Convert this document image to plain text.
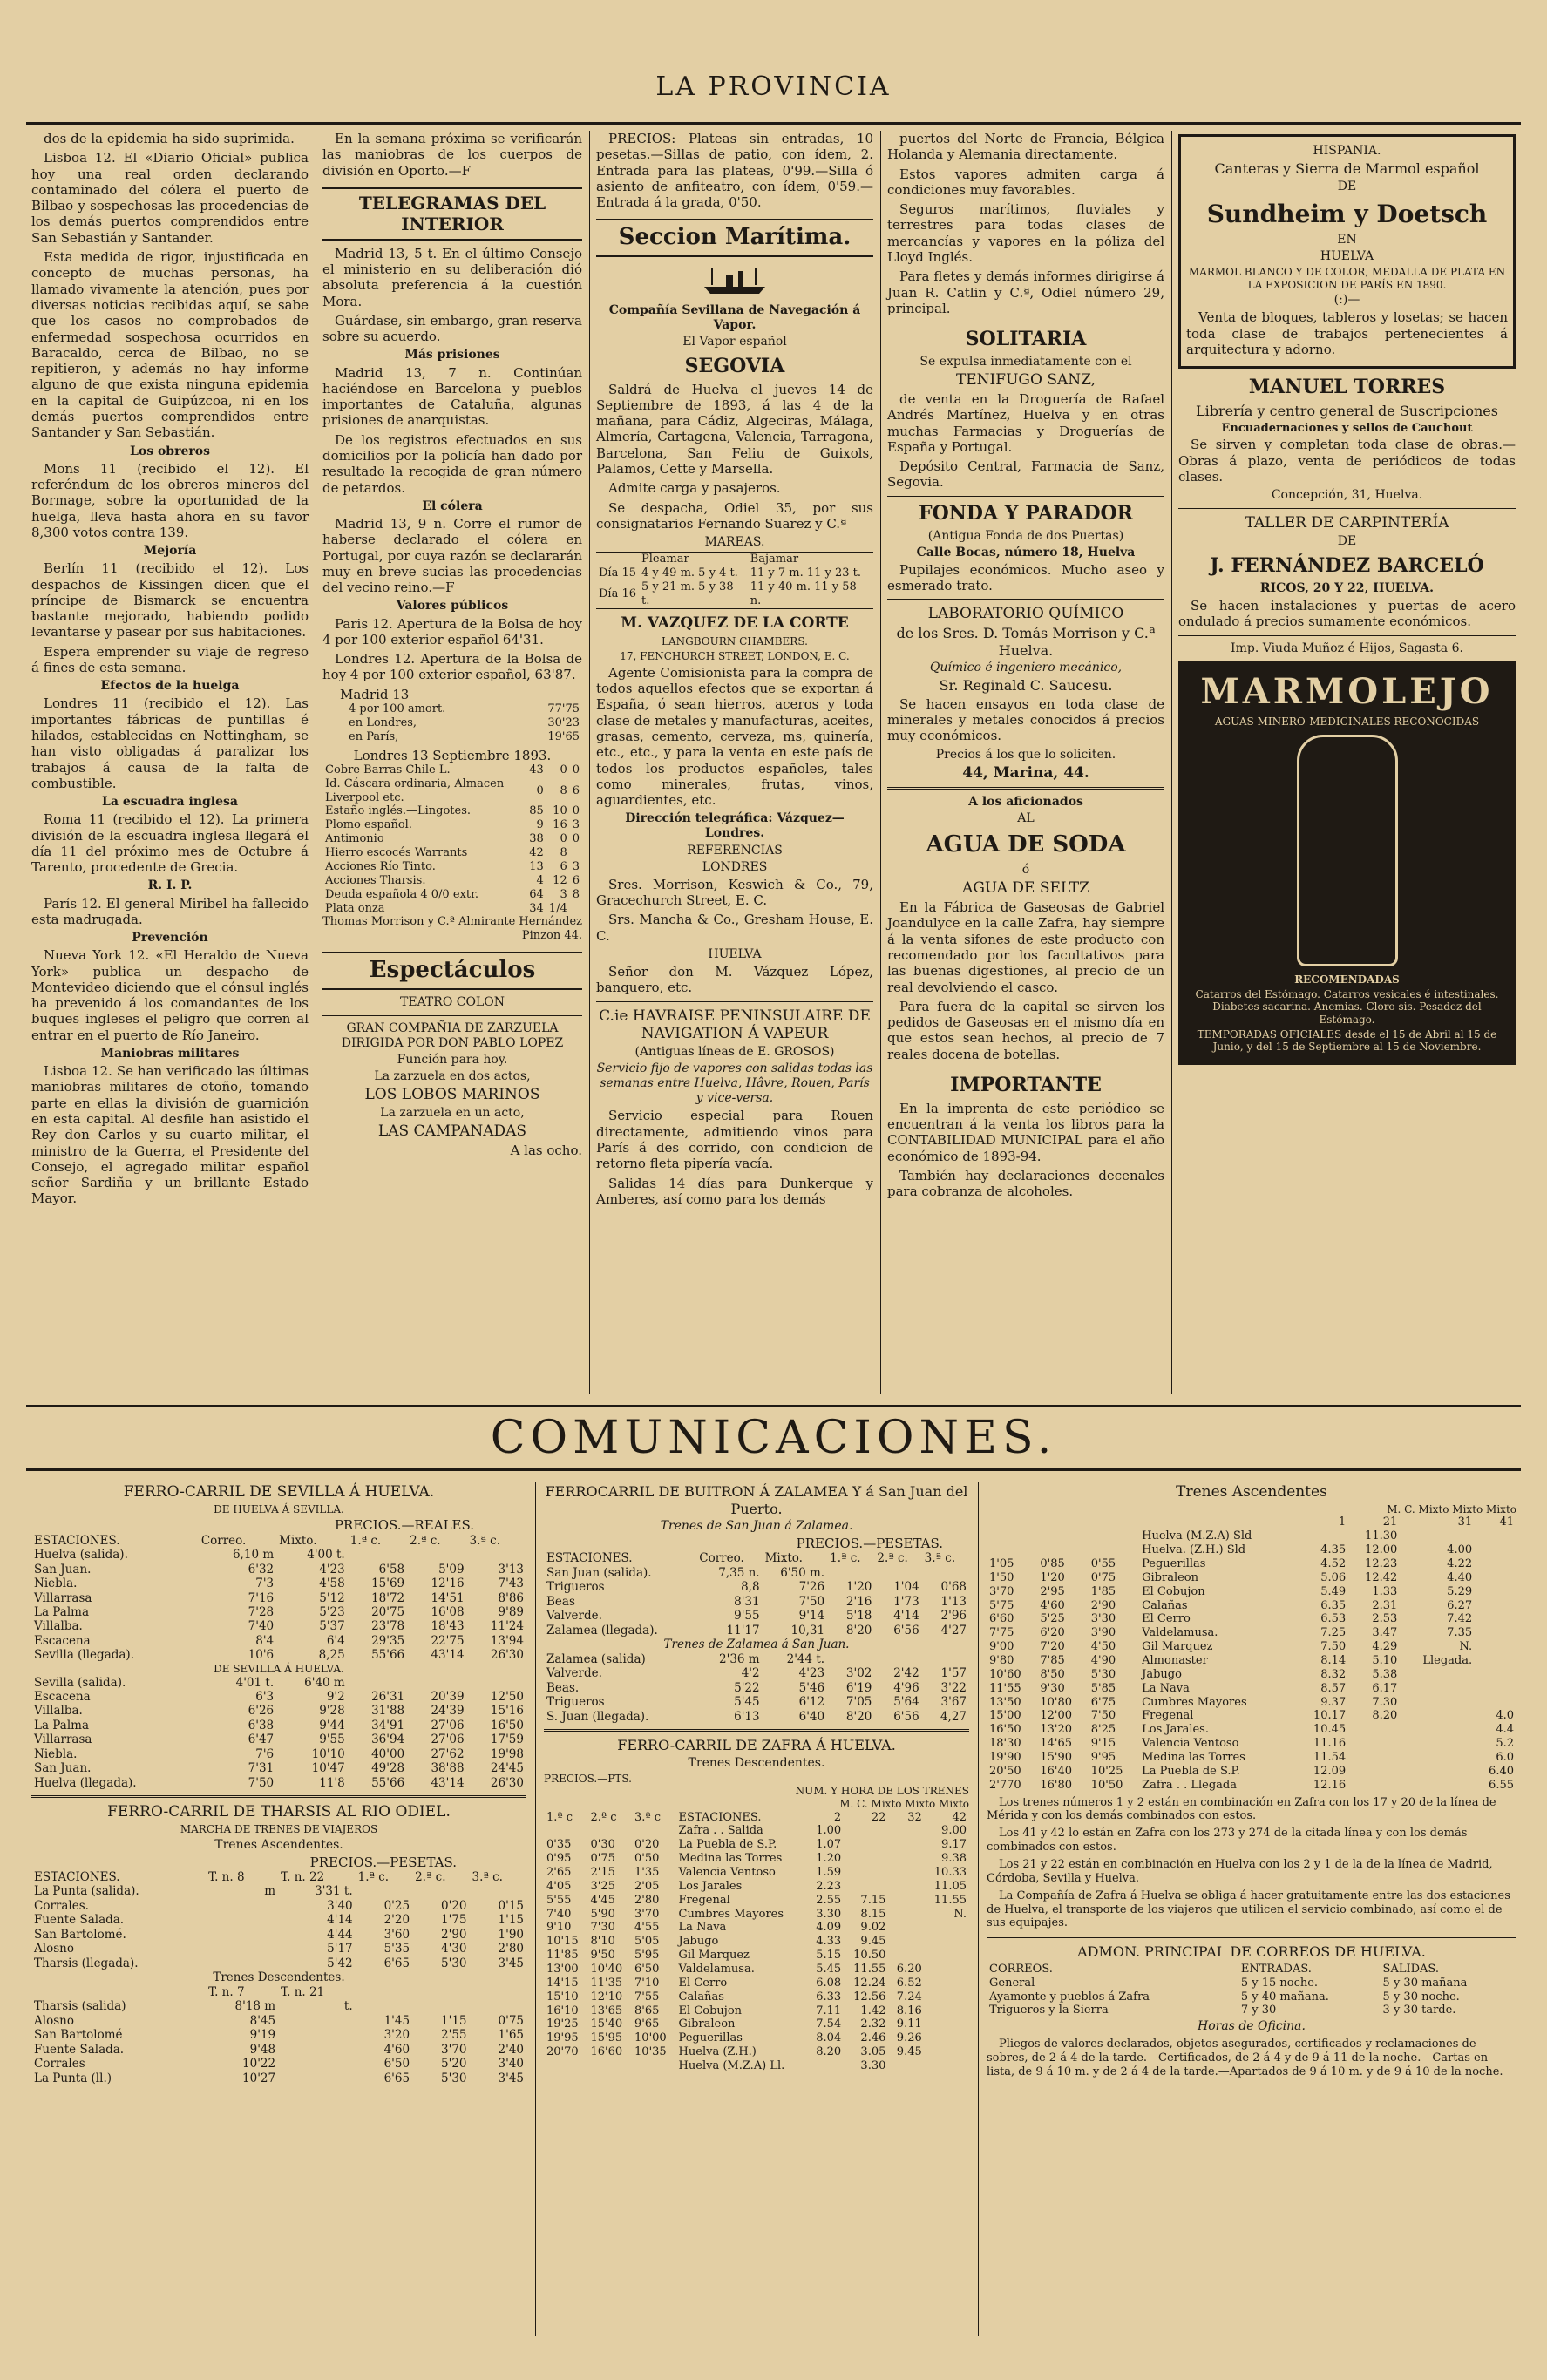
LA PROVINCIA

dos de la epidemia ha sido suprimida.

Lisboa 12. El «Diario Oficial» publica hoy una real orden declarando contaminado del cólera el puerto de Bilbao y sospechosas las procedencias de los demás puertos comprendidos entre San Sebastián y Santander.

Esta medida de rigor, injustificada en concepto de muchas personas, ha llamado vivamente la atención, pues por diversas noticias recibidas aquí, se sabe que los casos no comprobados de enfermedad sospechosa ocurridos en Baracaldo, cerca de Bilbao, no se repitieron, y además no hay informe alguno de que exista ninguna epidemia en la capital de Guipúzcoa, ni en los demás puertos comprendidos entre Santander y San Sebastián.

Los obreros

Mons 11 (recibido el 12). El referéndum de los obreros mineros del Bormage, sobre la oportunidad de la huelga, lleva hasta ahora en su favor 8,300 votos contra 139.

Mejoría

Berlín 11 (recibido el 12). Los despachos de Kissingen dicen que el príncipe de Bismarck se encuentra bastante mejorado, habiendo podido levantarse y pasear por sus habitaciones.

Espera emprender su viaje de regreso á fines de esta semana.

Efectos de la huelga

Londres 11 (recibido el 12). Las importantes fábricas de puntillas é hilados, establecidas en Nottingham, se han visto obligadas á paralizar los trabajos á causa de la falta de combustible.

La escuadra inglesa

Roma 11 (recibido el 12). La primera división de la escuadra inglesa llegará el día 11 del próximo mes de Octubre á Tarento, procedente de Grecia.

R. I. P.

París 12. El general Miribel ha fallecido esta madrugada.

Prevención

Nueva York 12. «El Heraldo de Nueva York» publica un despacho de Montevideo diciendo que el cónsul inglés ha prevenido á los comandantes de los buques ingleses el peligro que corren al entrar en el puerto de Río Janeiro.

Maniobras militares

Lisboa 12. Se han verificado las últimas maniobras militares de otoño, tomando parte en ellas la división de guarnición en esta capital. Al desfile han asistido el Rey don Carlos y su cuarto militar, el ministro de la Guerra, el Presidente del Consejo, el agregado militar español señor Sardiña y un brillante Estado Mayor.

En la semana próxima se verificarán las maniobras de los cuerpos de división en Oporto.—F

TELEGRAMAS DEL INTERIOR

Madrid 13, 5 t. En el último Consejo el ministerio en su deliberación dió absoluta preferencia á la cuestión Mora.

Guárdase, sin embargo, gran reserva sobre su acuerdo.

Más prisiones

Madrid 13, 7 n. Continúan haciéndose en Barcelona y pueblos importantes de Cataluña, algunas prisiones de anarquistas.

De los registros efectuados en sus domicilios por la policía han dado por resultado la recogida de gran número de petardos.

El cólera

Madrid 13, 9 n. Corre el rumor de haberse declarado el cólera en Portugal, por cuya razón se declararán muy en breve sucias las procedencias del vecino reino.—F

Valores públicos

Paris 12. Apertura de la Bolsa de hoy 4 por 100 exterior español 64'31.

Londres 12. Apertura de la Bolsa de hoy 4 por 100 exterior español, 63'87.

Madrid 13
4 por 100 amort.	77'75
en Londres,	30'23
en París,	19'65
Londres 13 Septiembre 1893.
Cobre Barras Chile L.	43	0	0
Id. Cáscara ordinaria, Almacen Liverpool etc.	0	8	6
Estaño inglés.—Lingotes.	85	10	0
Plomo español.	9	16	3
Antimonio	38	0	0
Hierro escocés Warrants	42	8	
Acciones Río Tinto.	13	6	3
Acciones Tharsis.	4	12	6
Deuda española 4 0/0 extr.	64	3	8
Plata onza	34	1/4	
Thomas Morrison y C.ª Almirante Hernández Pinzon 44.
Espectáculos
TEATRO COLON
GRAN COMPAÑIA DE ZARZUELA DIRIGIDA POR DON PABLO LOPEZ
Función para hoy.
La zarzuela en dos actos,
LOS LOBOS MARINOS
La zarzuela en un acto,
LAS CAMPANADAS
A las ocho.

PRECIOS: Plateas sin entradas, 10 pesetas.—Sillas de patio, con ídem, 2. Entrada para las plateas, 0'99.—Silla ó asiento de anfiteatro, con ídem, 0'59.—Entrada á la grada, 0'50.

Seccion Marítima.
Compañía Sevillana de Navegación á Vapor.
El Vapor español
SEGOVIA

Saldrá de Huelva el jueves 14 de Septiembre de 1893, á las 4 de la mañana, para Cádiz, Algeciras, Málaga, Almería, Cartagena, Valencia, Tarragona, Barcelona, San Feliu de Guixols, Palamos, Cette y Marsella.

Admite carga y pasajeros.

Se despacha, Odiel 35, por sus consignatarios Fernando Suarez y C.ª

MAREAS.
	Pleamar	Bajamar
Día 15	4 y 49 m. 5 y 4 t.	11 y 7 m. 11 y 23 t.
Día 16	5 y 21 m. 5 y 38 t.	11 y 40 m. 11 y 58 n.
M. VAZQUEZ DE LA CORTE
LANGBOURN CHAMBERS.
17, FENCHURCH STREET, LONDON, E. C.

Agente Comisionista para la compra de todos aquellos efectos que se exportan á España, ó sean hierros, aceros y toda clase de metales y manufacturas, aceites, grasas, cemento, cerveza, ms, quinería, etc., etc., y para la venta en este país de todos los productos españoles, tales como minerales, frutas, vinos, aguardientes, etc.

Dirección telegráfica: Vázquez—Londres.
REFERENCIAS
LONDRES

Sres. Morrison, Keswich & Co., 79, Gracechurch Street, E. C.

Srs. Mancha & Co., Gresham House, E. C.

HUELVA

Señor don M. Vázquez López, banquero, etc.

C.ie HAVRAISE PENINSULAIRE DE NAVIGATION Á VAPEUR
(Antiguas líneas de E. GROSOS)
Servicio fijo de vapores con salidas todas las semanas entre Huelva, Hâvre, Rouen, París y vice-versa.

Servicio especial para Rouen directamente, admitiendo vinos para París á des corrido, con condicion de retorno fleta pipería vacía.

Salidas 14 días para Dunkerque y Amberes, así como para los demás

puertos del Norte de Francia, Bélgica Holanda y Alemania directamente.

Estos vapores admiten carga á condiciones muy favorables.

Seguros marítimos, fluviales y terrestres para todas clases de mercancías y vapores en la póliza del Lloyd Inglés.

Para fletes y demás informes dirigirse á Juan R. Catlin y C.ª, Odiel número 29, principal.

SOLITARIA
Se expulsa inmediatamente con el
TENIFUGO SANZ,

de venta en la Droguería de Rafael Andrés Martínez, Huelva y en otras muchas Farmacias y Droguerías de España y Portugal.

Depósito Central, Farmacia de Sanz, Segovia.

FONDA Y PARADOR
(Antigua Fonda de dos Puertas)
Calle Bocas, número 18, Huelva

Pupilajes económicos. Mucho aseo y esmerado trato.

LABORATORIO QUÍMICO
de los Sres. D. Tomás Morrison y C.ª Huelva.
Químico é ingeniero mecánico,
Sr. Reginald C. Saucesu.

Se hacen ensayos en toda clase de minerales y metales conocidos á precios muy económicos.

Precios á los que lo soliciten.
44, Marina, 44.
A los aficionados
AL
AGUA DE SODA
ó
AGUA DE SELTZ

En la Fábrica de Gaseosas de Gabriel Joandulyce en la calle Zafra, hay siempre á la venta sifones de este producto con recomendado por los facultativos para las buenas digestiones, al precio de un real devolviendo el casco.

Para fuera de la capital se sirven los pedidos de Gaseosas en el mismo día en que estos sean hechos, al precio de 7 reales docena de botellas.

IMPORTANTE

En la imprenta de este periódico se encuentran á la venta los libros para la CONTABILIDAD MUNICIPAL para el año económico de 1893-94.

También hay declaraciones decenales para cobranza de alcoholes.

HISPANIA.
Canteras y Sierra de Marmol español
DE
Sundheim y Doetsch
EN
HUELVA
MARMOL BLANCO Y DE COLOR, MEDALLA DE PLATA EN LA EXPOSICION DE PARÍS EN 1890.
(:)—

Venta de bloques, tableros y losetas; se hacen toda clase de trabajos pertenecientes á arquitectura y adorno.

MANUEL TORRES
Librería y centro general de Suscripciones
Encuadernaciones y sellos de Cauchout

Se sirven y completan toda clase de obras.—Obras á plazo, venta de periódicos de todas clases.

Concepción, 31, Huelva.
TALLER DE CARPINTERÍA
DE
J. FERNÁNDEZ BARCELÓ
RICOS, 20 Y 22, HUELVA.

Se hacen instalaciones y puertas de acero ondulado á precios sumamente económicos.

Imp. Viuda Muñoz é Hijos, Sagasta 6.
MARMOLEJO

AGUAS MINERO-MEDICINALES RECONOCIDAS

RECOMENDADAS

Catarros del Estómago. Catarros vesicales é intestinales. Diabetes sacarina. Anemias. Cloro sis. Pesadez del Estómago.

TEMPORADAS OFICIALES desde el 15 de Abril al 15 de Junio, y del 15 de Septiembre al 15 de Noviembre.

COMUNICACIONES.
FERRO-CARRIL DE SEVILLA Á HUELVA.
DE HUELVA Á SEVILLA.
PRECIOS.—REALES.
ESTACIONES.	Correo.	Mixto.	1.ª c.	2.ª c.	3.ª c.
Huelva (salida).	6,10 m	4'00 t.			
San Juan.	6'32	4'23	6'58	5'09	3'13
Niebla.	7'3	4'58	15'69	12'16	7'43
Villarrasa	7'16	5'12	18'72	14'51	8'86
La Palma	7'28	5'23	20'75	16'08	9'89
Villalba.	7'40	5'37	23'78	18'43	11'24
Escacena	8'4	6'4	29'35	22'75	13'94
Sevilla (llegada).	10'6	8,25	55'66	43'14	26'30
DE SEVILLA Á HUELVA.					
Sevilla (salida).	4'01 t.	6'40 m			
Escacena	6'3	9'2	26'31	20'39	12'50
Villalba.	6'26	9'28	31'88	24'39	15'16
La Palma	6'38	9'44	34'91	27'06	16'50
Villarrasa	6'47	9'55	36'94	27'06	17'59
Niebla.	7'6	10'10	40'00	27'62	19'98
San Juan.	7'31	10'47	49'28	38'88	24'45
Huelva (llegada).	7'50	11'8	55'66	43'14	26'30
FERRO-CARRIL DE THARSIS AL RIO ODIEL.
MARCHA DE TRENES DE VIAJEROS
Trenes Ascendentes.
PRECIOS.—PESETAS.
ESTACIONES.	T. n. 8	T. n. 22	1.ª c.	2.ª c.	3.ª c.
La Punta (salida).	m	3'31 t.			
Corrales.		3'40	0'25	0'20	0'15
Fuente Salada.		4'14	2'20	1'75	1'15
San Bartolomé.		4'44	3'60	2'90	1'90
Alosno		5'17	5'35	4'30	2'80
Tharsis (llegada).		5'42	6'65	5'30	3'45
Trenes Descendentes.					
	T. n. 7	T. n. 21			
Tharsis (salida)	8'18 m	t.			
Alosno	8'45		1'45	1'15	0'75
San Bartolomé	9'19		3'20	2'55	1'65
Fuente Salada.	9'48		4'60	3'70	2'40
Corrales	10'22		6'50	5'20	3'40
La Punta (ll.)	10'27		6'65	5'30	3'45
FERROCARRIL DE BUITRON Á ZALAMEA Y á San Juan del Puerto.
Trenes de San Juan á Zalamea.
PRECIOS.—PESETAS.
ESTACIONES.	Correo.	Mixto.	1.ª c.	2.ª c.	3.ª c.
San Juan (salida).	7,35 n.	6'50 m.			
Trigueros	8,8	7'26	1'20	1'04	0'68
Beas	8'31	7'50	2'16	1'73	1'13
Valverde.	9'55	9'14	5'18	4'14	2'96
Zalamea (llegada).	11'17	10,31	8'20	6'56	4'27
Trenes de Zalamea á San Juan.					
Zalamea (salida)	2'36 m	2'44 t.			
Valverde.	4'2	4'23	3'02	2'42	1'57
Beas.	5'22	5'46	6'19	4'96	3'22
Trigueros	5'45	6'12	7'05	5'64	3'67
S. Juan (llegada).	6'13	6'40	8'20	6'56	4,27
FERRO-CARRIL DE ZAFRA Á HUELVA.
Trenes Descendentes.
PRECIOS.—PTS.
NUM. Y HORA DE LOS TRENES
M. C. Mixto Mixto Mixto
1.ª c	2.ª c	3.ª c	ESTACIONES.	2	22	32	42
			Zafra . . Salida	1.00			9.00
0'35	0'30	0'20	La Puebla de S.P.	1.07			9.17
0'95	0'75	0'50	Medina las Torres	1.20			9.38
2'65	2'15	1'35	Valencia Ventoso	1.59			10.33
4'05	3'25	2'05	Los Jarales	2.23			11.05
5'55	4'45	2'80	Fregenal	2.55	7.15		11.55
7'40	5'90	3'70	Cumbres Mayores	3.30	8.15		N.
9'10	7'30	4'55	La Nava	4.09	9.02		
10'15	8'10	5'05	Jabugo	4.33	9.45		
11'85	9'50	5'95	Gil Marquez	5.15	10.50		
13'00	10'40	6'50	Valdelamusa.	5.45	11.55	6.20	
14'15	11'35	7'10	El Cerro	6.08	12.24	6.52	
15'10	12'10	7'55	Calañas	6.33	12.56	7.24	
16'10	13'65	8'65	El Cobujon	7.11	1.42	8.16	
19'25	15'40	9'65	Gibraleon	7.54	2.32	9.11	
19'95	15'95	10'00	Peguerillas	8.04	2.46	9.26	
20'70	16'60	10'35	Huelva (Z.H.)	8.20	3.05	9.45	
			Huelva (M.Z.A) Ll.		3.30		
Trenes Ascendentes
M. C. Mixto Mixto Mixto
				1	21	31	41
			Huelva (M.Z.A) Sld		11.30		
			Huelva. (Z.H.) Sld	4.35	12.00	4.00	
1'05	0'85	0'55	Peguerillas	4.52	12.23	4.22	
1'50	1'20	0'75	Gibraleon	5.06	12.42	4.40	
3'70	2'95	1'85	El Cobujon	5.49	1.33	5.29	
5'75	4'60	2'90	Calañas	6.35	2.31	6.27	
6'60	5'25	3'30	El Cerro	6.53	2.53	7.42	
7'75	6'20	3'90	Valdelamusa.	7.25	3.47	7.35	
9'00	7'20	4'50	Gil Marquez	7.50	4.29	N.	
9'80	7'85	4'90	Almonaster	8.14	5.10	Llegada.	
10'60	8'50	5'30	Jabugo	8.32	5.38		
11'55	9'30	5'85	La Nava	8.57	6.17		
13'50	10'80	6'75	Cumbres Mayores	9.37	7.30		
15'00	12'00	7'50	Fregenal	10.17	8.20		4.0
16'50	13'20	8'25	Los Jarales.	10.45			4.4
18'30	14'65	9'15	Valencia Ventoso	11.16			5.2
19'90	15'90	9'95	Medina las Torres	11.54			6.0
20'50	16'40	10'25	La Puebla de S.P.	12.09			6.40
2'770	16'80	10'50	Zafra . . Llegada	12.16			6.55

Los trenes números 1 y 2 están en combinación en Zafra con los 17 y 20 de la línea de Mérida y con los demás combinados con estos.

Los 41 y 42 lo están en Zafra con los 273 y 274 de la citada línea y con los demás combinados con estos.

Los 21 y 22 están en combinación en Huelva con los 2 y 1 de la de la línea de Madrid, Córdoba, Sevilla y Huelva.

La Compañía de Zafra á Huelva se obliga á hacer gratuitamente entre las dos estaciones de Huelva, el transporte de los viajeros que utilicen el servicio combinado, así como el de sus equipajes.

ADMON. PRINCIPAL DE CORREOS DE HUELVA.
CORREOS.	ENTRADAS.	SALIDAS.
General	5 y 15 noche.	5 y 30 mañana
Ayamonte y pueblos á Zafra	5 y 40 mañana.	5 y 30 noche.
Trigueros y la Sierra	7 y 30	3 y 30 tarde.
Horas de Oficina.

Pliegos de valores declarados, objetos asegurados, certificados y reclamaciones de sobres, de 2 á 4 de la tarde.—Certificados, de 2 á 4 y de 9 á 11 de la noche.—Cartas en lista, de 9 á 10 m. y de 2 á 4 de la tarde.—Apartados de 9 á 10 m. y de 9 á 10 de la noche.
